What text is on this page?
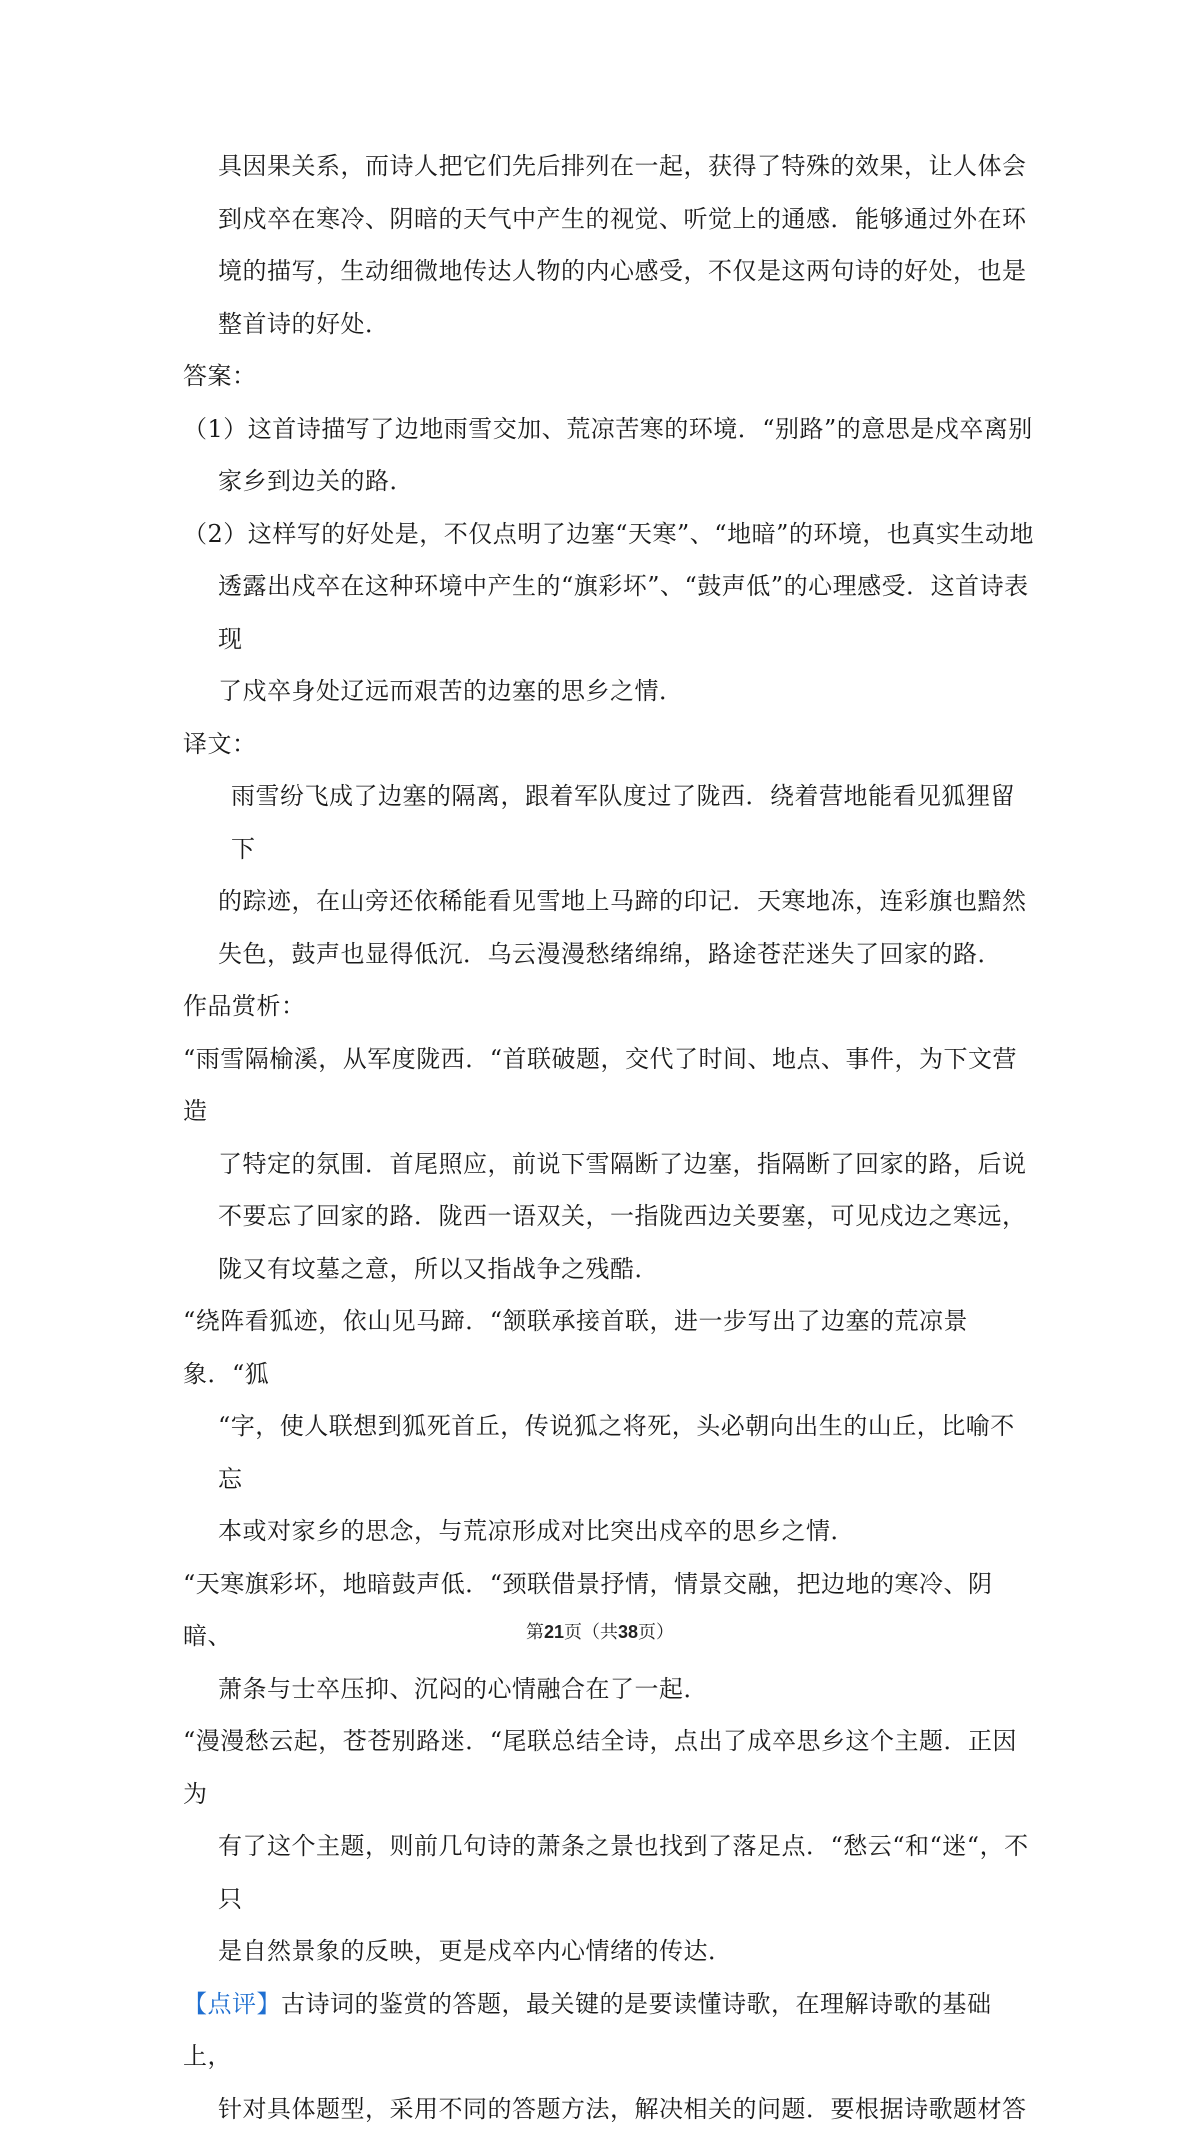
具因果关系，而诗人把它们先后排列在一起，获得了特殊的效果，让人体会
到戍卒在寒冷、阴暗的天气中产生的视觉、听觉上的通感．能够通过外在环
境的描写，生动细微地传达人物的内心感受，不仅是这两句诗的好处，也是
整首诗的好处．

答案：

（1）这首诗描写了边地雨雪交加、荒凉苦寒的环境．“别路”的意思是戍卒离别
家乡到边关的路．
（2）这样写的好处是，不仅点明了边塞“天寒”、“地暗”的环境，也真实生动地
透露出戍卒在这种环境中产生的“旗彩坏”、“鼓声低”的心理感受．这首诗表现
了戍卒身处辽远而艰苦的边塞的思乡之情．

译文：

雨雪纷飞成了边塞的隔离，跟着军队度过了陇西．绕着营地能看见狐狸留下
的踪迹，在山旁还依稀能看见雪地上马蹄的印记．天寒地冻，连彩旗也黯然
失色，鼓声也显得低沉．乌云漫漫愁绪绵绵，路途苍茫迷失了回家的路．

作品赏析：

“雨雪隔榆溪，从军度陇西．“首联破题，交代了时间、地点、事件，为下文营造
了特定的氛围．首尾照应，前说下雪隔断了边塞，指隔断了回家的路，后说
不要忘了回家的路．陇西一语双关，一指陇西边关要塞，可见戍边之寒远，
陇又有坟墓之意，所以又指战争之残酷．
“绕阵看狐迹，依山见马蹄．“颔联承接首联，进一步写出了边塞的荒凉景象．“狐
“字，使人联想到狐死首丘，传说狐之将死，头必朝向出生的山丘，比喻不忘
本或对家乡的思念，与荒凉形成对比突出戍卒的思乡之情．
“天寒旗彩坏，地暗鼓声低．“颈联借景抒情，情景交融，把边地的寒冷、阴暗、
萧条与士卒压抑、沉闷的心情融合在了一起．
“漫漫愁云起，苍苍别路迷．“尾联总结全诗，点出了成卒思乡这个主题．正因为
有了这个主题，则前几句诗的萧条之景也找到了落足点．“愁云“和“迷“，不只
是自然景象的反映，更是戍卒内心情绪的传达．
【点评】古诗词的鉴赏的答题，最关键的是要读懂诗歌，在理解诗歌的基础上，
针对具体题型，采用不同的答题方法，解决相关的问题．要根据诗歌题材答
第21页（共38页）
